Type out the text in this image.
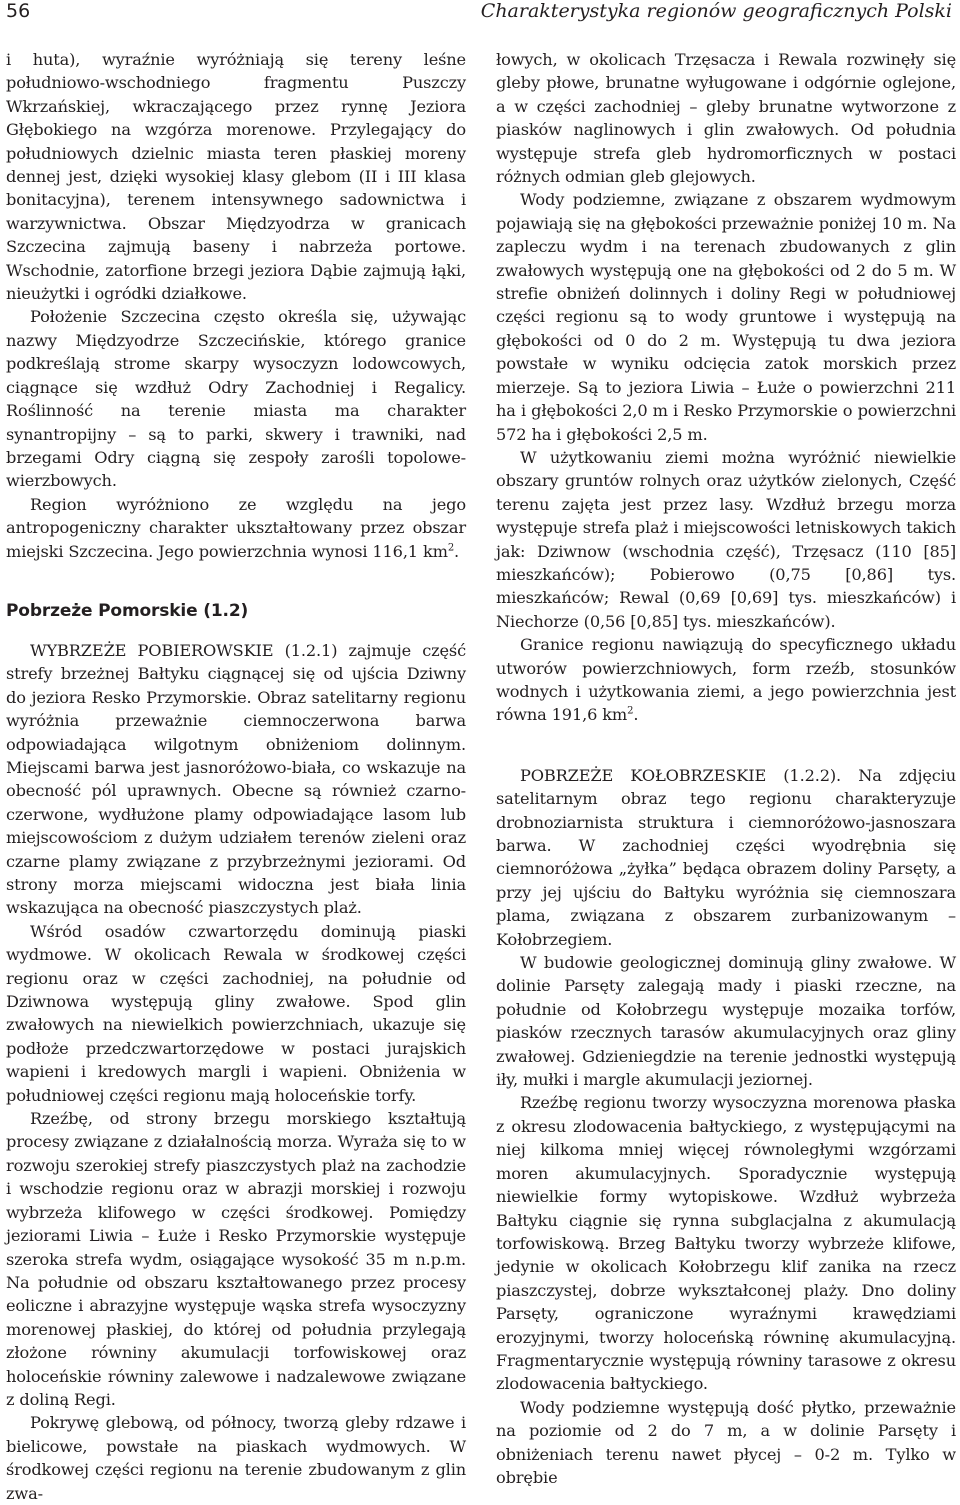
56	Charakterystyka regionów geograficznych Polski

i huta), wyraźnie wyróżniają się tereny leśne południowo-wschodniego fragmentu Puszczy Wkrzańskiej, wkraczającego przez rynnę Jeziora Głębokiego na wzgórza morenowe. Przylegający do południowych dzielnic miasta teren płaskiej moreny dennej jest, dzięki wysokiej klasy glebom (II i III klasa bonitacyjna), terenem intensywnego sadownictwa i warzywnictwa. Obszar Międzyodrza w granicach Szczecina zajmują baseny i nabrzeża portowe. Wschodnie, zatorfione brzegi jeziora Dąbie zajmują łąki, nieużytki i ogródki działkowe.

Położenie Szczecina często określa się, używając nazwy Międzyodrze Szczecińskie, którego granice podkreślają strome skarpy wysoczyzn lodowcowych, ciągnące się wzdłuż Odry Zachodniej i Regalicy. Roślinność na terenie miasta ma charakter synantropijny – są to parki, skwery i trawniki, nad brzegami Odry ciągną się zespoły zarośli topolowe-wierzbowych.

Region wyróżniono ze względu na jego antropogeniczny charakter ukształtowany przez obszar miejski Szczecina. Jego powierzchnia wynosi 116,1 $km^2$.

Pobrzeże Pomorskie (1.2)

WYBRZEŻE POBIEROWSKIE (1.2.1) zajmuje część strefy brzeżnej Bałtyku ciągnącej się od ujścia Dziwny do jeziora Resko Przymorskie. Obraz satelitarny regionu wyróżnia przeważnie ciemnoczerwona barwa odpowiadająca wilgotnym obniżeniom dolinnym. Miejscami barwa jest jasnoróżowo-biała, co wskazuje na obecność pól uprawnych. Obecne są również czarno-czerwone, wydłużone plamy odpowiadające lasom lub miejscowościom z dużym udziałem terenów zieleni oraz czarne plamy związane z przybrzeżnymi jeziorami. Od strony morza miejscami widoczna jest biała linia wskazująca na obecność piaszczystych plaż.

Wśród osadów czwartorzędu dominują piaski wydmowe. W okolicach Rewala w środkowej części regionu oraz w części zachodniej, na południe od Dziwnowa występują gliny zwałowe. Spod glin zwałowych na niewielkich powierzchniach, ukazuje się podłoże przedczwartorzędowe w postaci jurajskich wapieni i kredowych margli i wapieni. Obniżenia w południowej części regionu mają holoceńskie torfy.

Rzeźbę, od strony brzegu morskiego kształtują procesy związane z działalnością morza. Wyraża się to w rozwoju szerokiej strefy piaszczystych plaż na zachodzie i wschodzie regionu oraz w abrazji morskiej i rozwoju wybrzeża klifowego w części środkowej. Pomiędzy jeziorami Liwia – Łuże i Resko Przymorskie występuje szeroka strefa wydm, osiągające wysokość 35 m n.p.m. Na południe od obszaru kształtowanego przez procesy eoliczne i abrazyjne występuje wąska strefa wysoczyzny morenowej płaskiej, do której od południa przylegają złożone równiny akumulacji torfowiskowej oraz holoceńskie równiny zalewowe i nadzalewowe związane z doliną Regi.

Pokrywę glebową, od północy, tworzą gleby rdzawe i bielicowe, powstałe na piaskach wydmowych. W środkowej części regionu na terenie zbudowanym z glin zwa-

łowych, w okolicach Trzęsacza i Rewala rozwinęły się gleby płowe, brunatne wyługowane i odgórnie oglejone, a w części zachodniej – gleby brunatne wytworzone z piasków naglinowych i glin zwałowych. Od południa występuje strefa gleb hydromorficznych w postaci różnych odmian gleb glejowych.

Wody podziemne, związane z obszarem wydmowym pojawiają się na głębokości przeważnie poniżej 10 m. Na zapleczu wydm i na terenach zbudowanych z glin zwałowych występują one na głębokości od 2 do 5 m. W strefie obniżeń dolinnych i doliny Regi w południowej części regionu są to wody gruntowe i występują na głębokości od 0 do 2 m. Występują tu dwa jeziora powstałe w wyniku odcięcia zatok morskich przez mierzeje. Są to jeziora Liwia – Łuże o powierzchni 211 ha i głębokości 2,0 m i Resko Przymorskie o powierzchni 572 ha i głębokości 2,5 m.

W użytkowaniu ziemi można wyróżnić niewielkie obszary gruntów rolnych oraz użytków zielonych, Część terenu zajęta jest przez lasy. Wzdłuż brzegu morza występuje strefa plaż i miejscowości letniskowych takich jak: Dziwnow (wschodnia część), Trzęsacz (110 [85] mieszkańców); Pobierowo (0,75 [0,86] tys. mieszkańców; Rewal (0,69 [0,69] tys. mieszkańców) i Niechorze (0,56 [0,85] tys. mieszkańców).

Granice regionu nawiązują do specyficznego układu utworów powierzchniowych, form rzeźb, stosunków wodnych i użytkowania ziemi, a jego powierzchnia jest równa 191,6 $km^2$.

POBRZEŻE KOŁOBRZESKIE (1.2.2). Na zdjęciu satelitarnym obraz tego regionu charakteryzuje drobnoziarnista struktura i ciemnoróżowo-jasnoszara barwa. W zachodniej części wyodrębnia się ciemnoróżowa „żyłka” będąca obrazem doliny Parsęty, a przy jej ujściu do Bałtyku wyróżnia się ciemnoszara plama, związana z obszarem zurbanizowanym – Kołobrzegiem.

W budowie geologicznej dominują gliny zwałowe. W dolinie Parsęty zalegają mady i piaski rzeczne, na południe od Kołobrzegu występuje mozaika torfów, piasków rzecznych tarasów akumulacyjnych oraz gliny zwałowej. Gdzieniegdzie na terenie jednostki występują iły, mułki i margle akumulacji jeziornej.

Rzeźbę regionu tworzy wysoczyzna morenowa płaska z okresu zlodowacenia bałtyckiego, z występującymi na niej kilkoma mniej więcej równoległymi wzgórzami moren akumulacyjnych. Sporadycznie występują niewielkie formy wytopiskowe. Wzdłuż wybrzeża Bałtyku ciągnie się rynna subglacjalna z akumulacją torfowiskową. Brzeg Bałtyku tworzy wybrzeże klifowe, jedynie w okolicach Kołobrzegu klif zanika na rzecz piaszczystej, dobrze wykształconej plaży. Dno doliny Parsęty, ograniczone wyraźnymi krawędziami erozyjnymi, tworzy holoceńską równinę akumulacyjną. Fragmentarycznie występują równiny tarasowe z okresu zlodowacenia bałtyckiego.

Wody podziemne występują dość płytko, przeważnie na poziomie od 2 do 7 m, a w dolinie Parsęty i obniżeniach terenu nawet płycej – 0-2 m. Tylko w obrębie
